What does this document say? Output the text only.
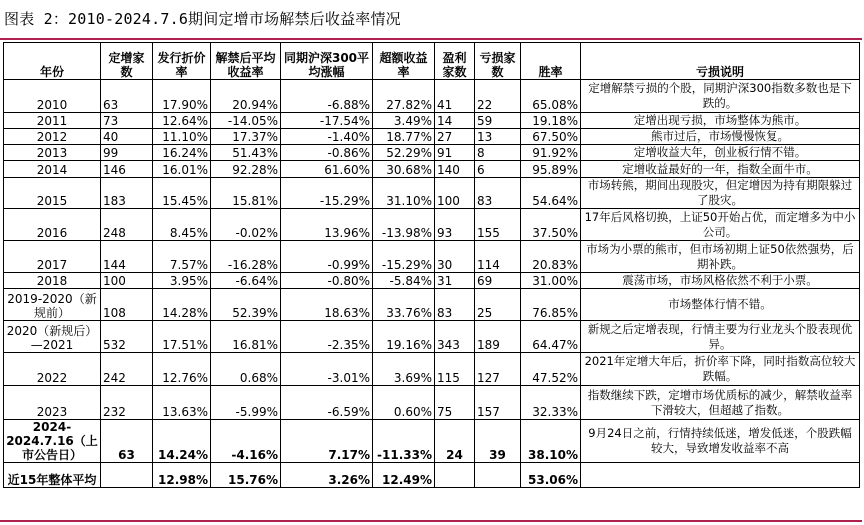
图表 2：2010-2024.7.6期间定增市场解禁后收益率情况
年份	定增家数	发行折价率	解禁后平均收益率	同期沪深300平均涨幅	超额收益率	盈利家数	亏损家数	胜率	亏损说明
2010	63	17.90%	20.94%	-6.88%	27.82%	41	22	65.08%	定增解禁亏损的个股，同期沪深300指数多数也是下跌的。
2011	73	12.64%	-14.05%	-17.54%	3.49%	14	59	19.18%	定增出现亏损，市场整体为熊市。
2012	40	11.10%	17.37%	-1.40%	18.77%	27	13	67.50%	熊市过后，市场慢慢恢复。
2013	99	16.24%	51.43%	-0.86%	52.29%	91	8	91.92%	定增收益大年，创业板行情不错。
2014	146	16.01%	92.28%	61.60%	30.68%	140	6	95.89%	定增收益最好的一年，指数全面牛市。
2015	183	15.45%	15.81%	-15.29%	31.10%	100	83	54.64%	市场转熊，期间出现股灾，但定增因为持有期限躲过了股灾。
2016	248	8.45%	-0.02%	13.96%	-13.98%	93	155	37.50%	17年后风格切换，上证50开始占优，而定增多为中小公司。
2017	144	7.57%	-16.28%	-0.99%	-15.29%	30	114	20.83%	市场为小票的熊市，但市场初期上证50依然强势，后期补跌。
2018	100	3.95%	-6.64%	-0.80%	-5.84%	31	69	31.00%	震荡市场，市场风格依然不利于小票。
2019-2020（新规前）	108	14.28%	52.39%	18.63%	33.76%	83	25	76.85%	市场整体行情不错。
2020（新规后）—2021	532	17.51%	16.81%	-2.35%	19.16%	343	189	64.47%	新规之后定增表现，行情主要为行业龙头个股表现优异。
2022	242	12.76%	0.68%	-3.01%	3.69%	115	127	47.52%	2021年定增大年后，折价率下降，同时指数高位较大跌幅。
2023	232	13.63%	-5.99%	-6.59%	0.60%	75	157	32.33%	指数继续下跌，定增市场优质标的减少，解禁收益率下滑较大，但超越了指数。
2024-2024.7.16（上市公告日）	63	14.24%	-4.16%	7.17%	-11.33%	24	39	38.10%	9月24日之前，行情持续低迷，增发低迷，个股跌幅较大，导致增发收益率不高
近15年整体平均		12.98%	15.76%	3.26%	12.49%			53.06%	
